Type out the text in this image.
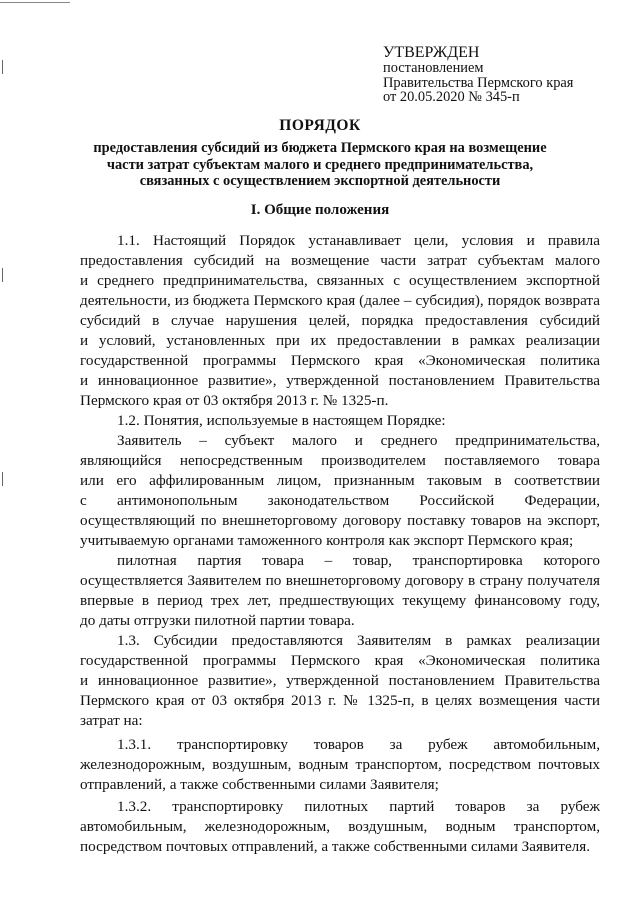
УТВЕРЖДЕН
постановлением
Правительства Пермского края
от 20.05.2020 № 345-п
ПОРЯДОК
предоставления субсидий из бюджета Пермского края на возмещение
части затрат субъектам малого и среднего предпринимательства,
связанных с осуществлением экспортной деятельности
I. Общие положения
1.1. Настоящий Порядок устанавливает цели, условия и правила
предоставления субсидий на возмещение части затрат субъектам малого
и среднего предпринимательства, связанных с осуществлением экспортной
деятельности, из бюджета Пермского края (далее – субсидия), порядок возврата
субсидий в случае нарушения целей, порядка предоставления субсидий
и условий, установленных при их предоставлении в рамках реализации
государственной программы Пермского края «Экономическая политика
и инновационное развитие», утвержденной постановлением Правительства
Пермского края от 03 октября 2013 г. № 1325-п.
1.2. Понятия, используемые в настоящем Порядке:
Заявитель – субъект малого и среднего предпринимательства,
являющийся непосредственным производителем поставляемого товара
или его аффилированным лицом, признанным таковым в соответствии
с антимонопольным законодательством Российской Федерации,
осуществляющий по внешнеторговому договору поставку товаров на экспорт,
учитываемую органами таможенного контроля как экспорт Пермского края;
пилотная партия товара – товар, транспортировка которого
осуществляется Заявителем по внешнеторговому договору в страну получателя
впервые в период трех лет, предшествующих текущему финансовому году,
до даты отгрузки пилотной партии товара.
1.3. Субсидии предоставляются Заявителям в рамках реализации
государственной программы Пермского края «Экономическая политика
и инновационное развитие», утвержденной постановлением Правительства
Пермского края от 03 октября 2013 г. № 1325-п, в целях возмещения части
затрат на:
1.3.1. транспортировку товаров за рубеж автомобильным,
железнодорожным, воздушным, водным транспортом, посредством почтовых
отправлений, а также собственными силами Заявителя;
1.3.2. транспортировку пилотных партий товаров за рубеж
автомобильным, железнодорожным, воздушным, водным транспортом,
посредством почтовых отправлений, а также собственными силами Заявителя.
